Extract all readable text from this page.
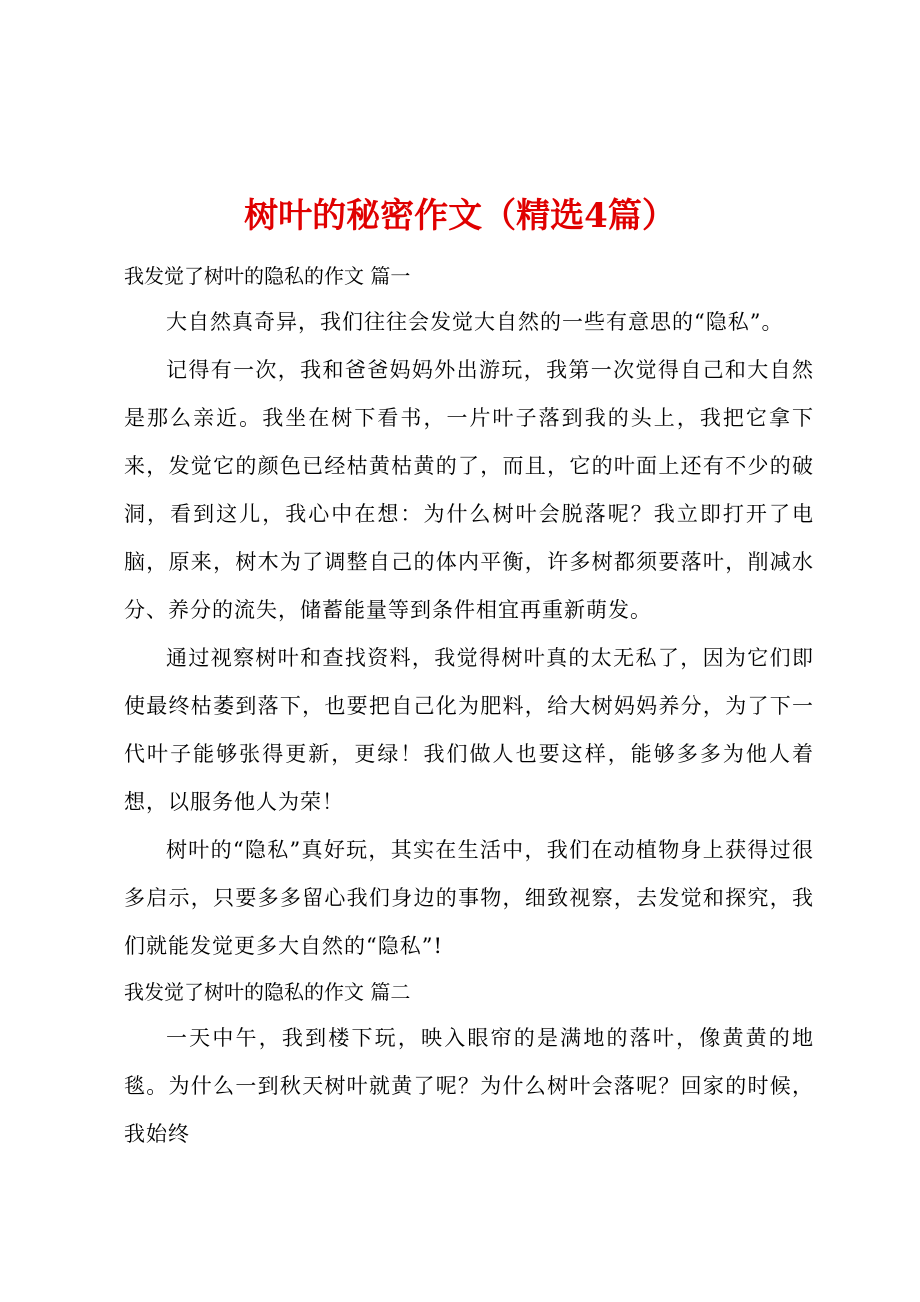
树叶的秘密作文（精选4篇）

我发觉了树叶的隐私的作文 篇一

大自然真奇异，我们往往会发觉大自然的一些有意思的“隐私”。

记得有一次，我和爸爸妈妈外出游玩，我第一次觉得自己和大自然是那么亲近。我坐在树下看书，一片叶子落到我的头上，我把它拿下来，发觉它的颜色已经枯黄枯黄的了，而且，它的叶面上还有不少的破洞，看到这儿，我心中在想：为什么树叶会脱落呢？我立即打开了电脑，原来，树木为了调整自己的体内平衡，许多树都须要落叶，削减水分、养分的流失，储蓄能量等到条件相宜再重新萌发。

通过视察树叶和查找资料，我觉得树叶真的太无私了，因为它们即使最终枯萎到落下，也要把自己化为肥料，给大树妈妈养分，为了下一代叶子能够张得更新，更绿！我们做人也要这样，能够多多为他人着想，以服务他人为荣！

树叶的“隐私”真好玩，其实在生活中，我们在动植物身上获得过很多启示，只要多多留心我们身边的事物，细致视察，去发觉和探究，我们就能发觉更多大自然的“隐私”!

我发觉了树叶的隐私的作文 篇二

一天中午，我到楼下玩，映入眼帘的是满地的落叶，像黄黄的地毯。为什么一到秋天树叶就黄了呢？为什么树叶会落呢？回家的时候，我始终
